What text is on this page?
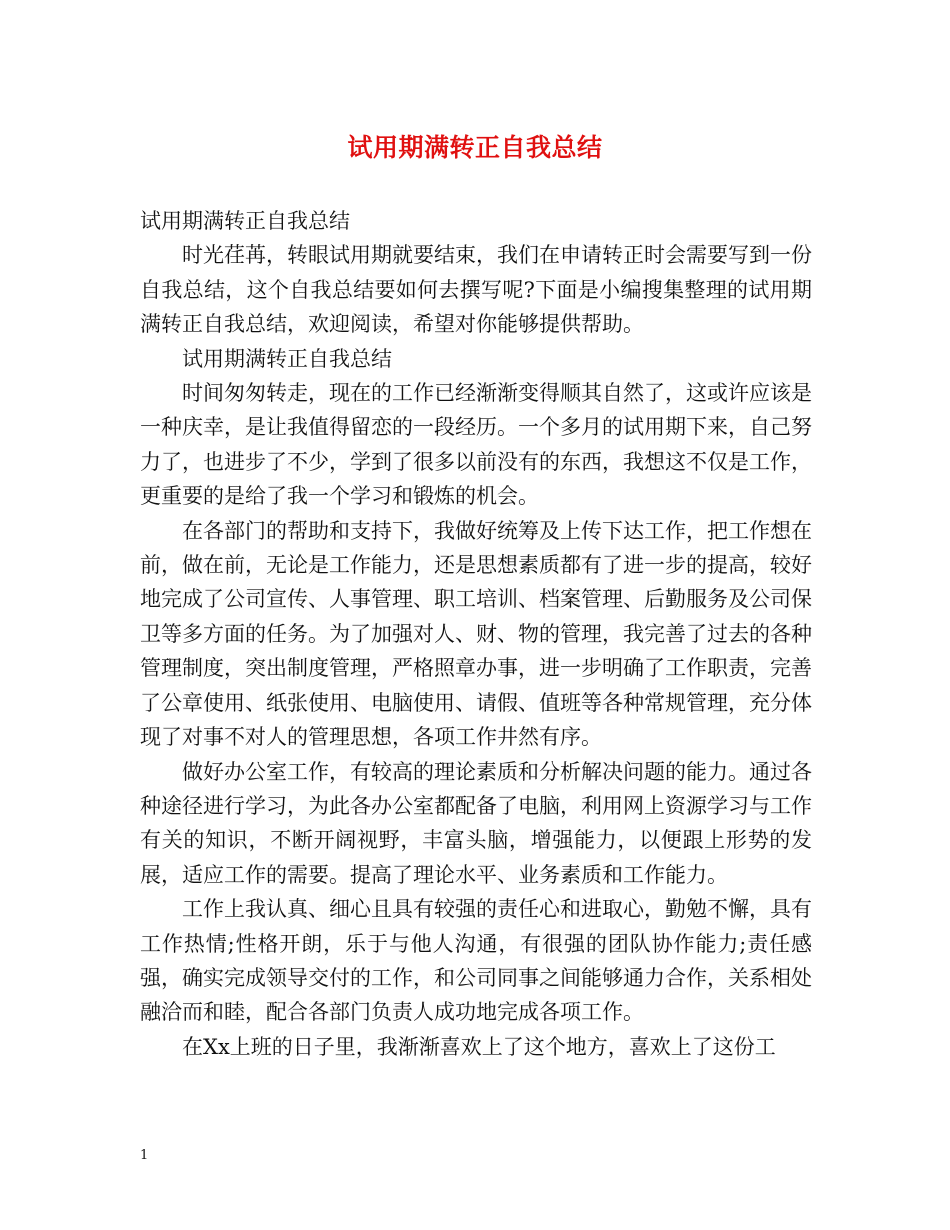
试用期满转正自我总结

试用期满转正自我总结

时光荏苒，转眼试用期就要结束，我们在申请转正时会需要写到一份自我总结，这个自我总结要如何去撰写呢?下面是小编搜集整理的试用期满转正自我总结，欢迎阅读，希望对你能够提供帮助。

试用期满转正自我总结

时间匆匆转走，现在的工作已经渐渐变得顺其自然了，这或许应该是一种庆幸，是让我值得留恋的一段经历。一个多月的试用期下来，自己努力了，也进步了不少，学到了很多以前没有的东西，我想这不仅是工作，更重要的是给了我一个学习和锻炼的机会。

在各部门的帮助和支持下，我做好统筹及上传下达工作，把工作想在前，做在前，无论是工作能力，还是思想素质都有了进一步的提高，较好地完成了公司宣传、人事管理、职工培训、档案管理、后勤服务及公司保卫等多方面的任务。为了加强对人、财、物的管理，我完善了过去的各种管理制度，突出制度管理，严格照章办事，进一步明确了工作职责，完善了公章使用、纸张使用、电脑使用、请假、值班等各种常规管理，充分体现了对事不对人的管理思想，各项工作井然有序。

做好办公室工作，有较高的理论素质和分析解决问题的能力。通过各种途径进行学习，为此各办公室都配备了电脑，利用网上资源学习与工作有关的知识，不断开阔视野，丰富头脑，增强能力，以便跟上形势的发展，适应工作的需要。提高了理论水平、业务素质和工作能力。

工作上我认真、细心且具有较强的责任心和进取心，勤勉不懈，具有工作热情;性格开朗，乐于与他人沟通，有很强的团队协作能力;责任感强，确实完成领导交付的工作，和公司同事之间能够通力合作，关系相处融洽而和睦，配合各部门负责人成功地完成各项工作。

在Xx上班的日子里，我渐渐喜欢上了这个地方，喜欢上了这份工

1
